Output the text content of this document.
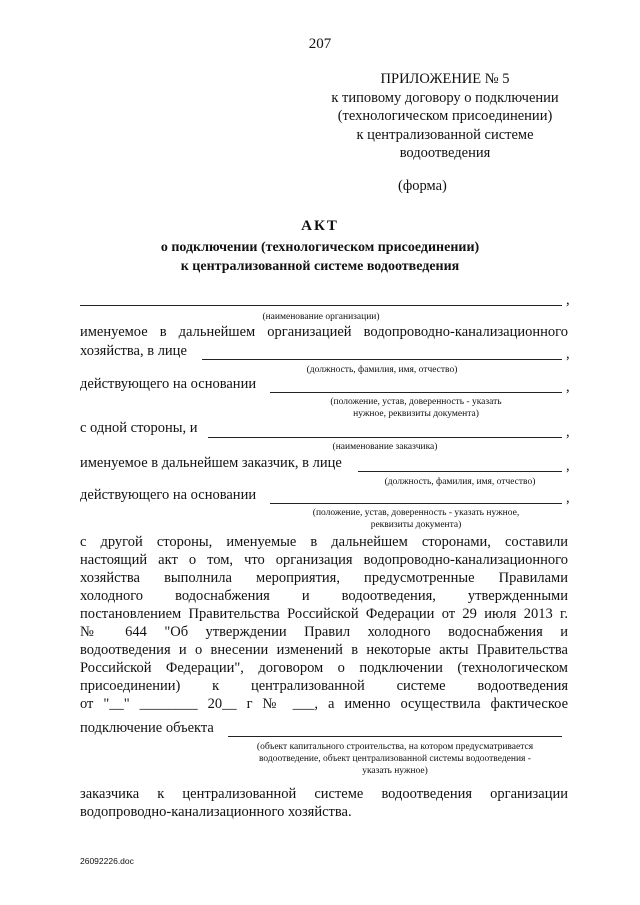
207
ПРИЛОЖЕНИЕ № 5
к типовому договору о подключении
(технологическом присоединении)
к централизованной системе
водоотведения
(форма)
АКТ
о подключении (технологическом присоединении)
к централизованной системе водоотведения
,
(наименование организации)
именуемое в дальнейшем организацией водопроводно-канализационного
хозяйства, в лице	,
(должность, фамилия, имя, отчество)
действующего на основании	,
(положение, устав, доверенность - указать
нужное, реквизиты документа)
с одной стороны, и	,
(наименование заказчика)
именуемое в дальнейшем заказчик, в лице	,
(должность, фамилия, имя, отчество)
действующего на основании	,
(положение, устав, доверенность - указать нужное,
реквизиты документа)
с другой стороны, именуемые в дальнейшем сторонами, составили
настоящий акт о том, что организация водопроводно-канализационного
хозяйства выполнила мероприятия, предусмотренные Правилами
холодного водоснабжения и водоотведения, утвержденными
постановлением Правительства Российской Федерации от 29 июля 2013 г.
№ 644 "Об утверждении Правил холодного водоснабжения и
водоотведения и о внесении изменений в некоторые акты Правительства
Российской Федерации", договором о подключении (технологическом
присоединении) к централизованной системе водоотведения
от "__" ________ 20__ г № ___, а именно осуществила фактическое
подключение объекта
(объект капитального строительства, на котором предусматривается
водоотведение, объект централизованной системы водоотведения -
указать нужное)
заказчика к централизованной системе водоотведения организации
водопроводно-канализационного хозяйства.
26092226.doc
